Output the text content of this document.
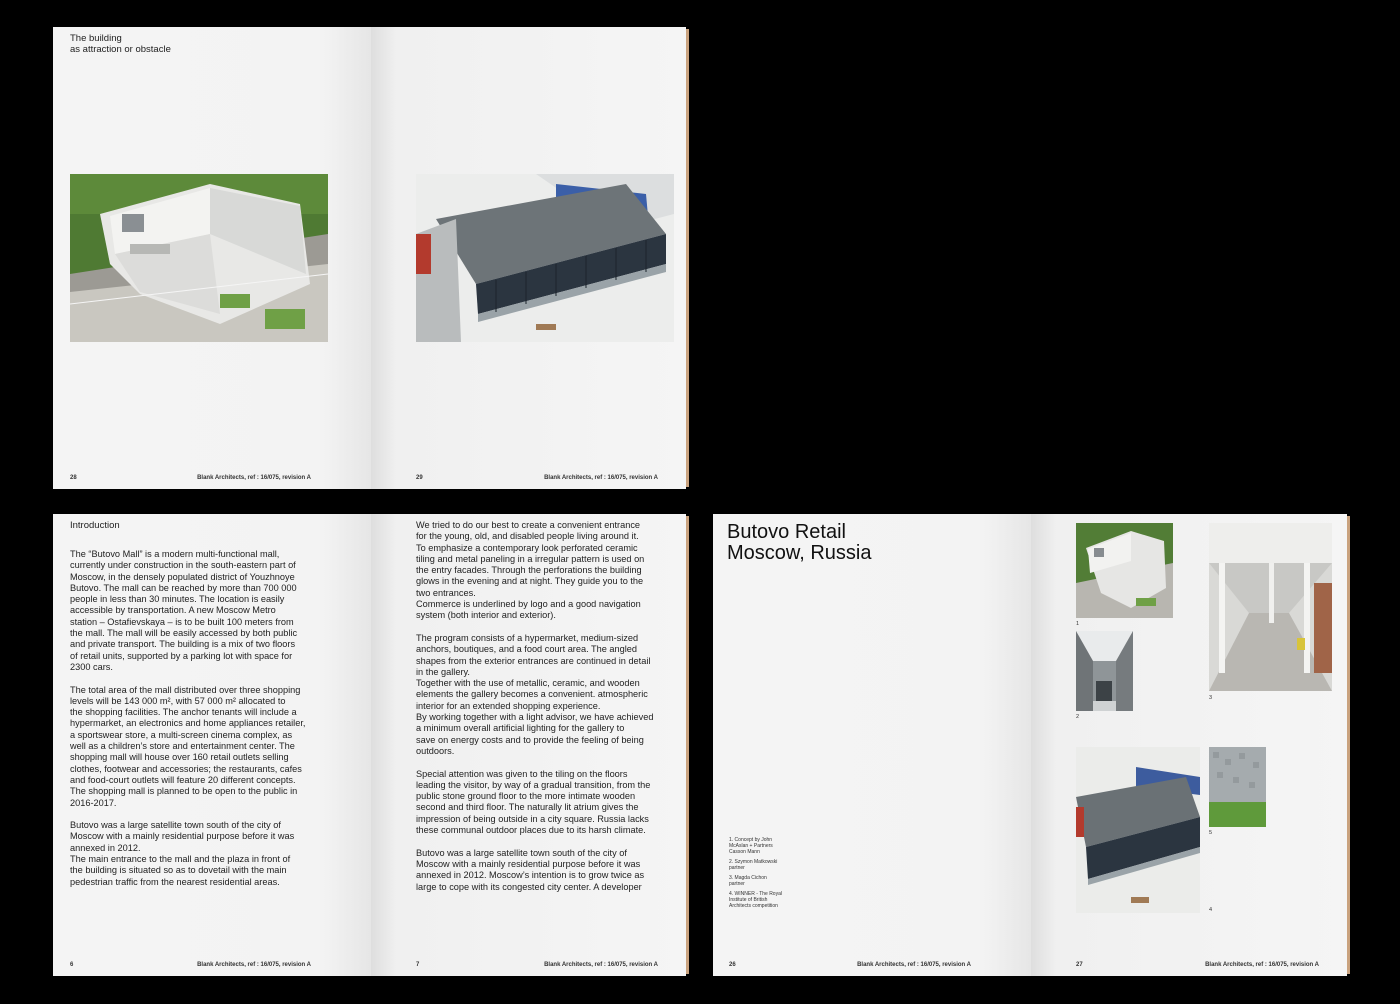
The building
as attraction or obstacle
28	Blank Architects, ref : 16/075, revision A	29	Blank Architects, ref : 16/075, revision A
Introduction

The “Butovo Mall” is a modern multi-functional mall,
currently under construction in the south-eastern part of
Moscow, in the densely populated district of Youzhnoye
Butovo. The mall can be reached by more than 700 000
people in less than 30 minutes. The location is easily
accessible by transportation. A new Moscow Metro
station – Ostafievskaya – is to be built 100 meters from
the mall. The mall will be easily accessed by both public
and private transport. The building is a mix of two floors
of retail units, supported by a parking lot with space for
2300 cars.

The total area of the mall distributed over three shopping
levels will be 143 000 m², with 57 000 m² allocated to
the shopping facilities. The anchor tenants will include a
hypermarket, an electronics and home appliances retailer,
a sportswear store, a multi-screen cinema complex, as
well as a children’s store and entertainment center. The
shopping mall will house over 160 retail outlets selling
clothes, footwear and accessories; the restaurants, cafes
and food-court outlets will feature 20 different concepts.
The shopping mall is planned to be open to the public in
2016-2017.

Butovo was a large satellite town south of the city of
Moscow with a mainly residential purpose before it was
annexed in 2012.
The main entrance to the mall and the plaza in front of
the building is situated so as to dovetail with the main
pedestrian traffic from the nearest residential areas.

6	Blank Architects, ref : 16/075, revision A

We tried to do our best to create a convenient entrance
for the young, old, and disabled people living around it.
To emphasize a contemporary look perforated ceramic
tiling and metal paneling in a irregular pattern is used on
the entry facades. Through the perforations the building
glows in the evening and at night. They guide you to the
two entrances.
Commerce is underlined by logo and a good navigation
system (both interior and exterior).

The program consists of a hypermarket, medium-sized
anchors, boutiques, and a food court area. The angled
shapes from the exterior entrances are continued in detail
in the gallery.
Together with the use of metallic, ceramic, and wooden
elements the gallery becomes a convenient. atmospheric
interior for an extended shopping experience.
By working together with a light advisor, we have achieved
a minimum overall artificial lighting for the gallery to
save on energy costs and to provide the feeling of being
outdoors.

Special attention was given to the tiling on the floors
leading the visitor, by way of a gradual transition, from the
public stone ground floor to the more intimate wooden
second and third floor. The naturally lit atrium gives the
impression of being outside in a city square. Russia lacks
these communal outdoor places due to its harsh climate.

Butovo was a large satellite town south of the city of
Moscow with a mainly residential purpose before it was
annexed in 2012. Moscow’s intention is to grow twice as
large to cope with its congested city center. A developer

7	Blank Architects, ref : 16/075, revision A
Butovo Retail
Moscow, Russia
1. Concept by John
McAslan + Partners
Casson Mann
2. Szymon Matkowski
partner
3. Magda Cichon
partner
4. WINNER - The Royal
Institute of British
Architects competition
26	Blank Architects, ref : 16/075, revision A
1
2
3
4
5
27	Blank Architects, ref : 16/075, revision A
